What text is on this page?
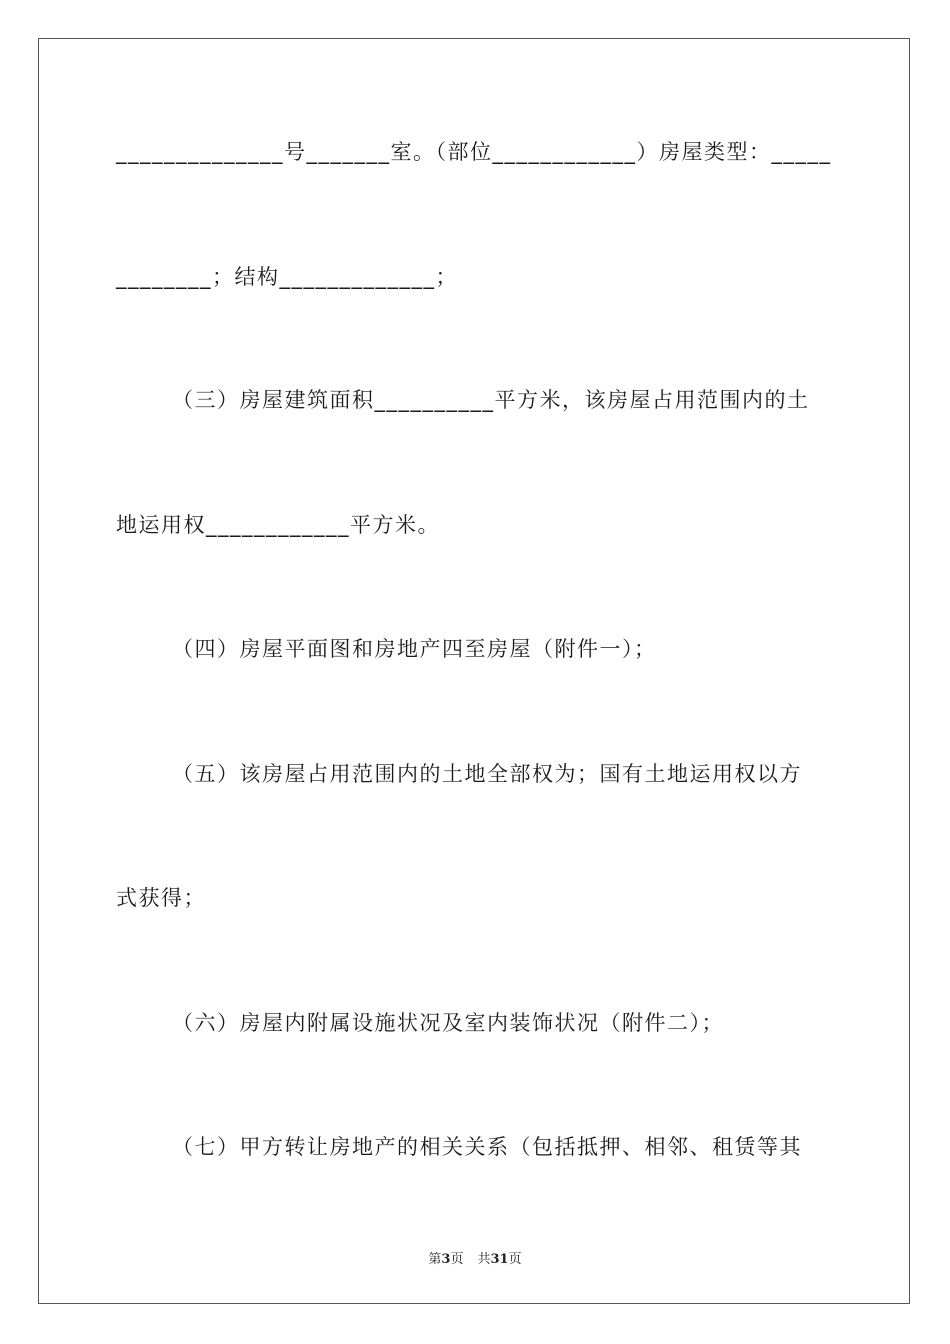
______________号_______室。（部位____________）房屋类型：_____
________；结构_____________；
（三）房屋建筑面积__________平方米，该房屋占用范围内的土
地运用权____________平方米。
（四）房屋平面图和房地产四至房屋（附件一）；
（五）该房屋占用范围内的土地全部权为；国有土地运用权以方
式获得；
（六）房屋内附属设施状况及室内装饰状况（附件二）；
（七）甲方转让房地产的相关关系（包括抵押、相邻、租赁等其
第3页 共31页
